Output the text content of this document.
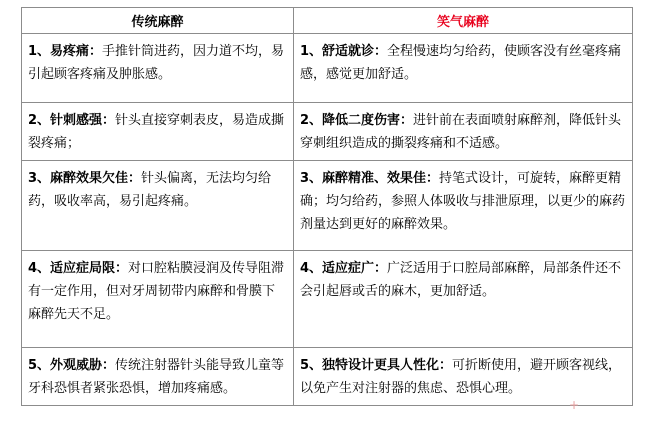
传统麻醉	笑气麻醉
1、易疼痛：手推针筒进药，因力道不均，易引起顾客疼痛及肿胀感。	1、舒适就诊：全程慢速均匀给药，使顾客没有丝毫疼痛感，感觉更加舒适。
2、针刺感强：针头直接穿刺表皮，易造成撕裂疼痛；	2、降低二度伤害：进针前在表面喷射麻醉剂，降低针头穿刺组织造成的撕裂疼痛和不适感。
3、麻醉效果欠佳：针头偏离，无法均匀给药，吸收率高，易引起疼痛。	3、麻醉精准、效果佳：持笔式设计，可旋转，麻醉更精确；均匀给药，参照人体吸收与排泄原理，以更少的麻药剂量达到更好的麻醉效果。
4、适应症局限：对口腔粘膜浸润及传导阻滞有一定作用，但对牙周韧带内麻醉和骨膜下麻醉先天不足。	4、适应症广：广泛适用于口腔局部麻醉，局部条件还不会引起唇或舌的麻木，更加舒适。
5、外观威胁：传统注射器针头能导致儿童等牙科恐惧者紧张恐惧，增加疼痛感。	5、独特设计更具人性化：可折断使用，避开顾客视线，以免产生对注射器的焦虑、恐惧心理。
+
